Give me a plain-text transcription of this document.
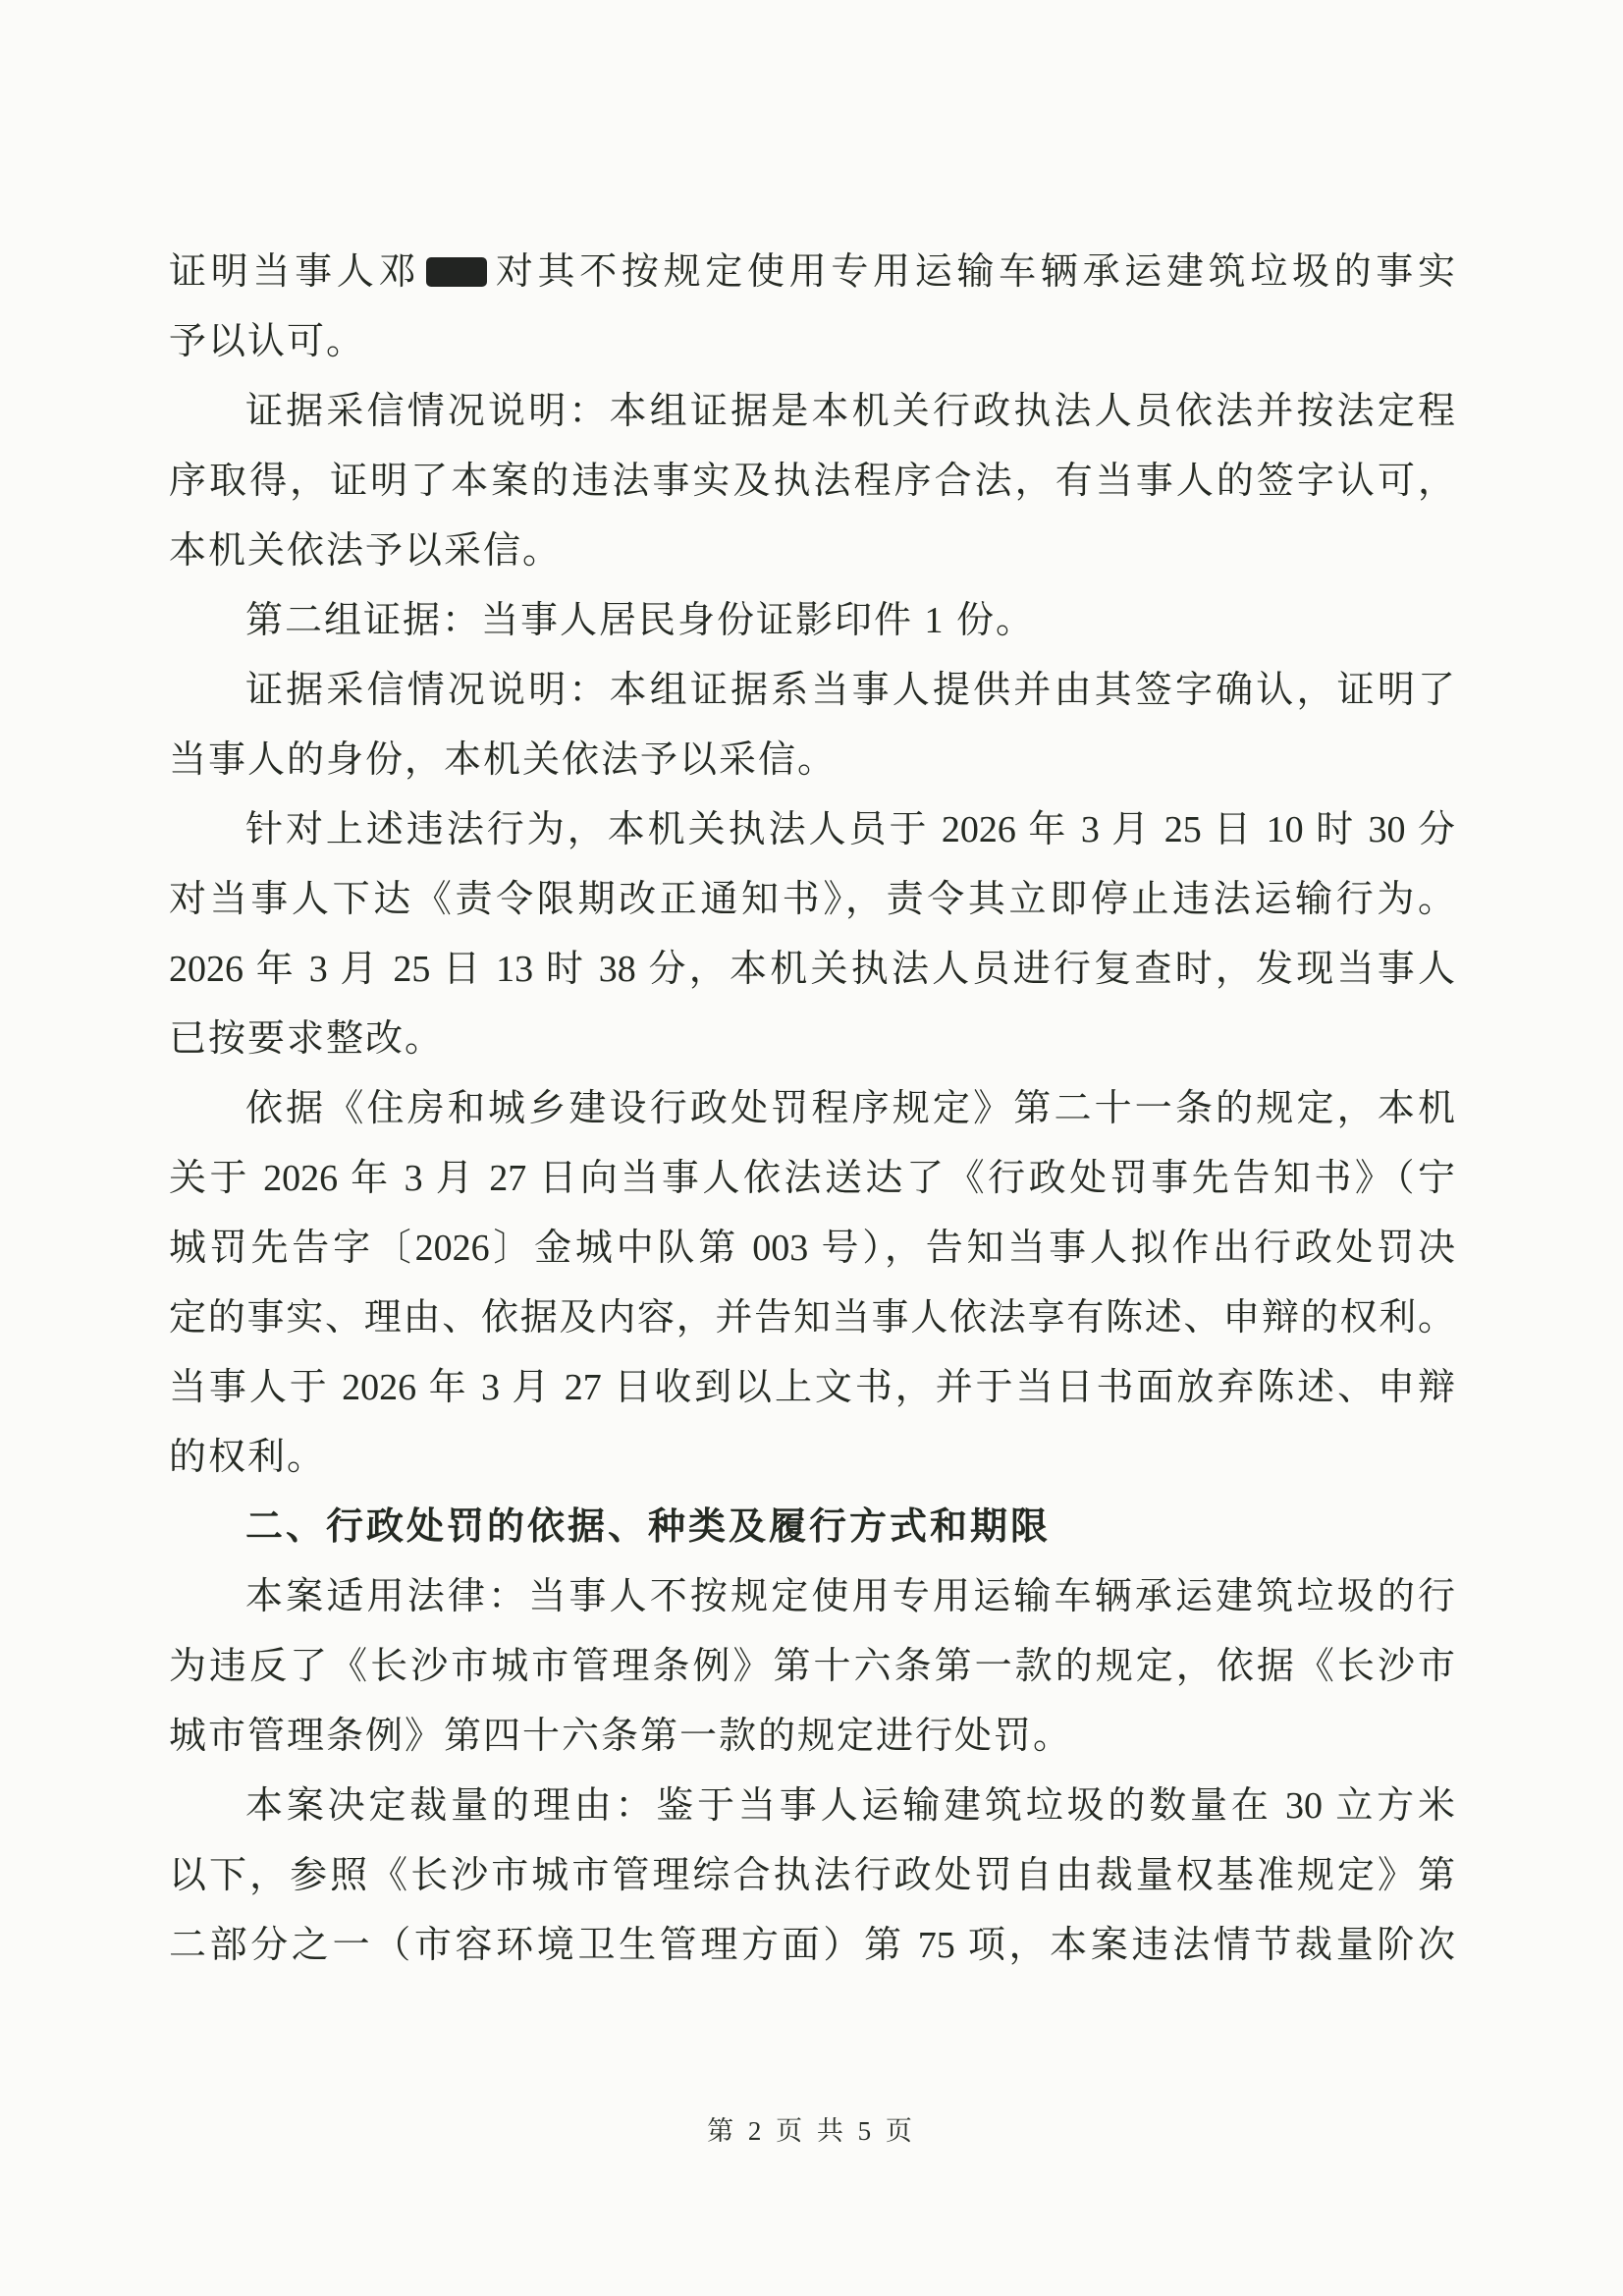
证明当事人邓 对其不按规定使用专用运输车辆承运建筑垃圾的事实
予以认可。
证据采信情况说明：本组证据是本机关行政执法人员依法并按法定程
序取得，证明了本案的违法事实及执法程序合法，有当事人的签字认可，
本机关依法予以采信。
第二组证据：当事人居民身份证影印件 1 份。
证据采信情况说明：本组证据系当事人提供并由其签字确认，证明了
当事人的身份，本机关依法予以采信。
针对上述违法行为，本机关执法人员于 2026 年 3 月 25 日 10 时 30 分
对当事人下达《责令限期改正通知书》，责令其立即停止违法运输行为。
2026 年 3 月 25 日 13 时 38 分，本机关执法人员进行复查时，发现当事人
已按要求整改。
依据《住房和城乡建设行政处罚程序规定》第二十一条的规定，本机
关于 2026 年 3 月 27 日向当事人依法送达了《行政处罚事先告知书》（宁
城罚先告字〔2026〕金城中队第 003 号），告知当事人拟作出行政处罚决
定的事实、理由、依据及内容，并告知当事人依法享有陈述、申辩的权利。
当事人于 2026 年 3 月 27 日收到以上文书，并于当日书面放弃陈述、申辩
的权利。
二、行政处罚的依据、种类及履行方式和期限
本案适用法律：当事人不按规定使用专用运输车辆承运建筑垃圾的行
为违反了《长沙市城市管理条例》第十六条第一款的规定，依据《长沙市
城市管理条例》第四十六条第一款的规定进行处罚。
本案决定裁量的理由：鉴于当事人运输建筑垃圾的数量在 30 立方米
以下，参照《长沙市城市管理综合执法行政处罚自由裁量权基准规定》第
二部分之一（市容环境卫生管理方面）第 75 项，本案违法情节裁量阶次
第 2 页 共 5 页
